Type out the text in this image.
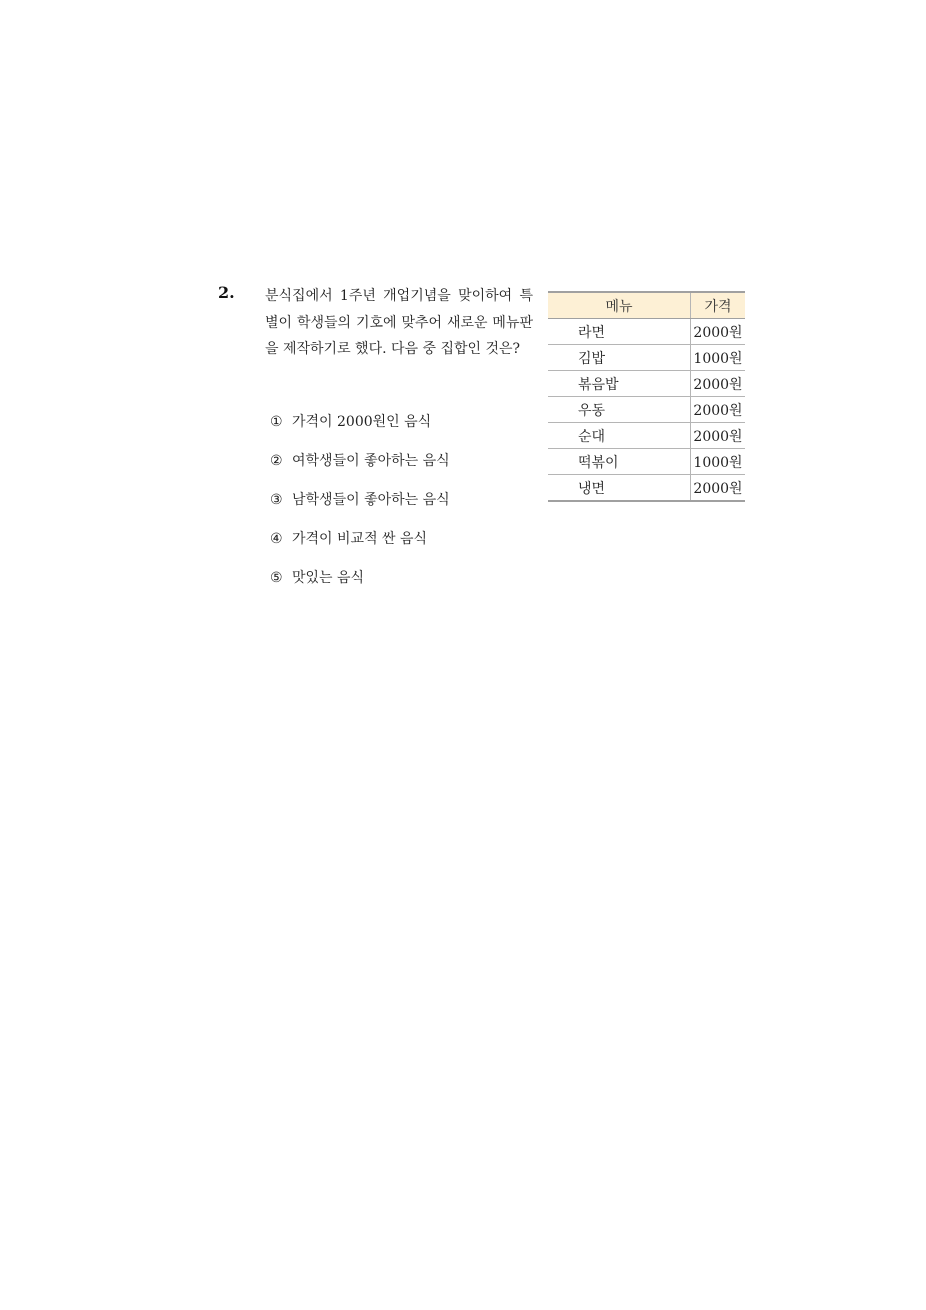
2. 분식집에서 1주년 개업기념을 맞이하여 특별이 학생들의 기호에 맞추어 새로운 메뉴판을 제작하기로 했다. 다음 중 집합인 것은?
① 가격이 2000원인 음식
② 여학생들이 좋아하는 음식
③ 남학생들이 좋아하는 음식
④ 가격이 비교적 싼 음식
⑤ 맛있는 음식
메뉴	가격
라면	2000원
김밥	1000원
볶음밥	2000원
우동	2000원
순대	2000원
떡볶이	1000원
냉면	2000원
